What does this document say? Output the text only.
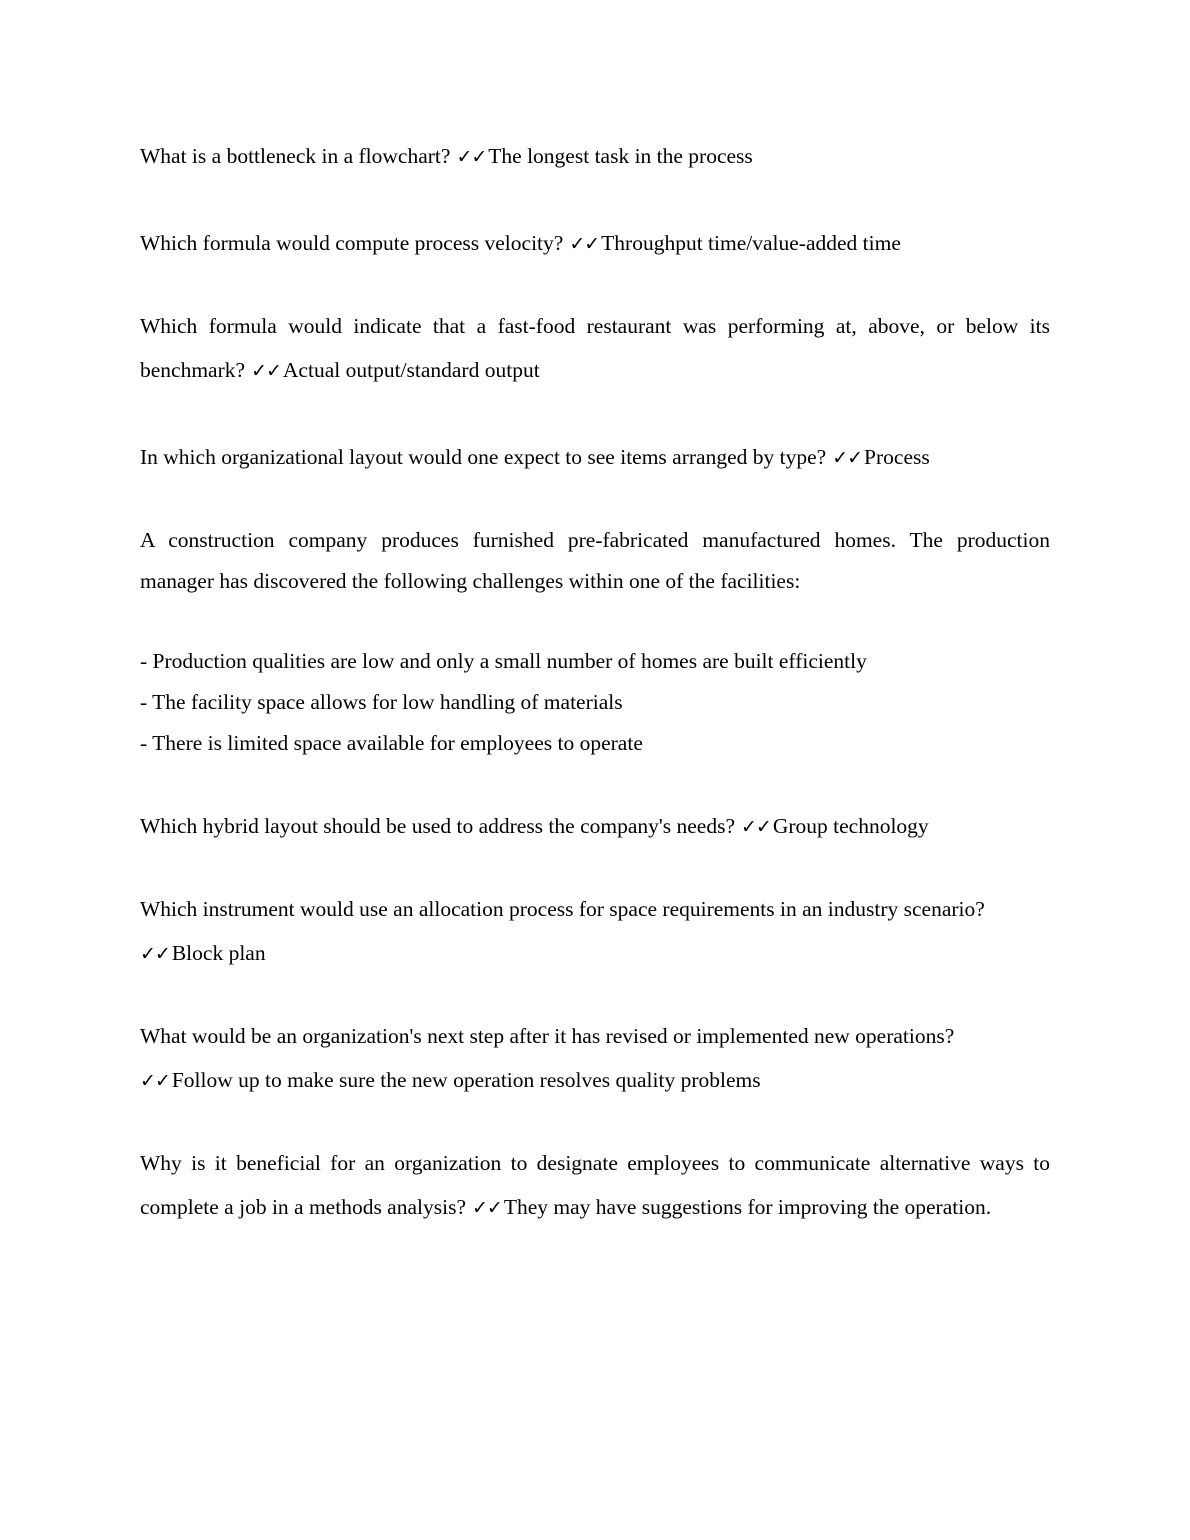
What is a bottleneck in a flowchart? ✓✓The longest task in the process

Which formula would compute process velocity? ✓✓Throughput time/value-added time

Which formula would indicate that a fast-food restaurant was performing at, above, or below its benchmark? ✓✓Actual output/standard output

In which organizational layout would one expect to see items arranged by type? ✓✓Process

A construction company produces furnished pre-fabricated manufactured homes. The production manager has discovered the following challenges within one of the facilities:

- Production qualities are low and only a small number of homes are built efficiently
- The facility space allows for low handling of materials
- There is limited space available for employees to operate

Which hybrid layout should be used to address the company's needs? ✓✓Group technology

Which instrument would use an allocation process for space requirements in an industry scenario?
✓✓Block plan

What would be an organization's next step after it has revised or implemented new operations?
✓✓Follow up to make sure the new operation resolves quality problems

Why is it beneficial for an organization to designate employees to communicate alternative ways to complete a job in a methods analysis? ✓✓They may have suggestions for improving the operation.
